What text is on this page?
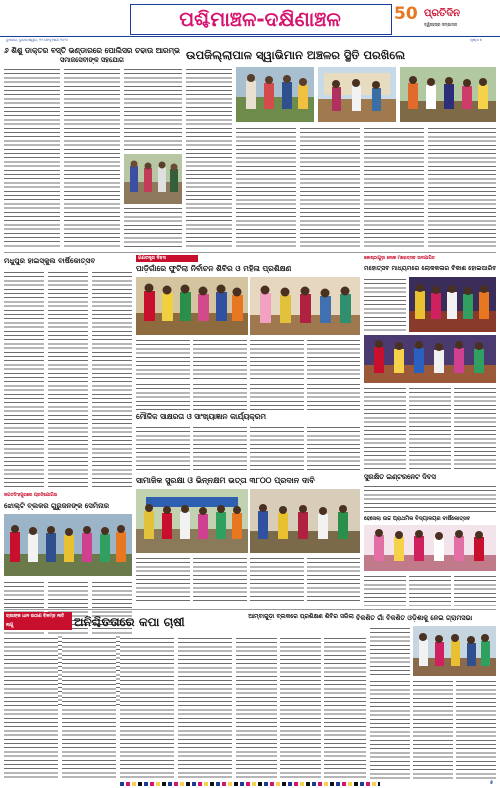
ପଶ୍ଚିମାଞ୍ଚଳ-ଦକ୍ଷିଣାଞ୍ଚଳ	50 ପ୍ରତିଦିନ
ଦ୍ୱିସହସ୍ର ସମ୍ପାଦନା
ବୁଧବାର, ଭୁବନେଶ୍ୱର, ୧୧ ଫେବୃଆରୀ ୨୦୨୬	ପୃଷ୍ଠା ୫
୬ ଶିଶୁ ଡାକ୍ତର ବସ୍ତି ଭଣ୍ଡାରରେ ପୋଲିସର ଚଢାଉ ଆରମ୍ଭ
ସମାଜସେବୀଙ୍କ ସହଯୋଗ	ଉପଜିଲ୍ଲାପାଳ ସ୍ୱାଭିମାନ ଅଞ୍ଚଳର ସ୍ଥିତି ପରଖିଲେ
ମଧୁପୁର ହାଇସ୍କୁଲ ବାର୍ଷିକୋତ୍ସବ	ଗଣତନ୍ତ୍ର ଦିବସ
ପାଡ଼ିଗାଁରେ ଫୁଟିଲା ନିର୍ବାଚନ ଶିବିର ଓ ମହିଳା ପ୍ରଶିକ୍ଷଣ
କୋଷ୍ଠାଗୁଡ଼ା ଲୋକ ମହୋତ୍ସବ ଉଦଯାପିତ
ମହୋତ୍ସବ ମାଧ୍ୟମରେ ଲୋକକଳାର ବିକାଶ ହୋଇପାରିବ
ଜଗତସିଂହପୁରରେ ପ୍ରତିଯୋଗିତା
ଝୋଲ୍ଟି ବ୍ଲକର ଗୁରୁଜନଙ୍କ ସେମିନାର
ମୌଳିକ ସାକ୍ଷରତା ଓ ସାଂଖ୍ୟାଜ୍ଞାନ କାର୍ଯ୍ୟକ୍ରମ
ସୁରକ୍ଷିତ ଇଣ୍ଟରନେଟ ଦିବସ
ସାମାଜିକ ସୁରକ୍ଷା ଓ ଭିନ୍ନକ୍ଷମ ଭତ୍ତା ୩୮୦୦ ପ୍ରଦାନ ଦାବି
ହେସେଲା ଉଚ୍ଚ ପ୍ରାଥମିକ ବିଦ୍ୟାଳୟର ବାର୍ଷିକୋତ୍ସବ
ଚାଷୀଙ୍କ ଧାନ ଉଠାଣ ବିଳମ୍ବ ନୀତି ଲାଗୁ	ଅନିଶ୍ଚିତତାରେ କପା ଚାଷୀ	ଆମ୍ବାଗୁଡ଼ା ବ୍ଲକରେ ପ୍ରଶିକ୍ଷଣ ଶିବିର ସରିଲା ବିକଶିତ ଗାଁ ବିକଶିତ ଓଡ଼ିଶାକୁ ନେଇ ଗ୍ରାମସଭା
୫
